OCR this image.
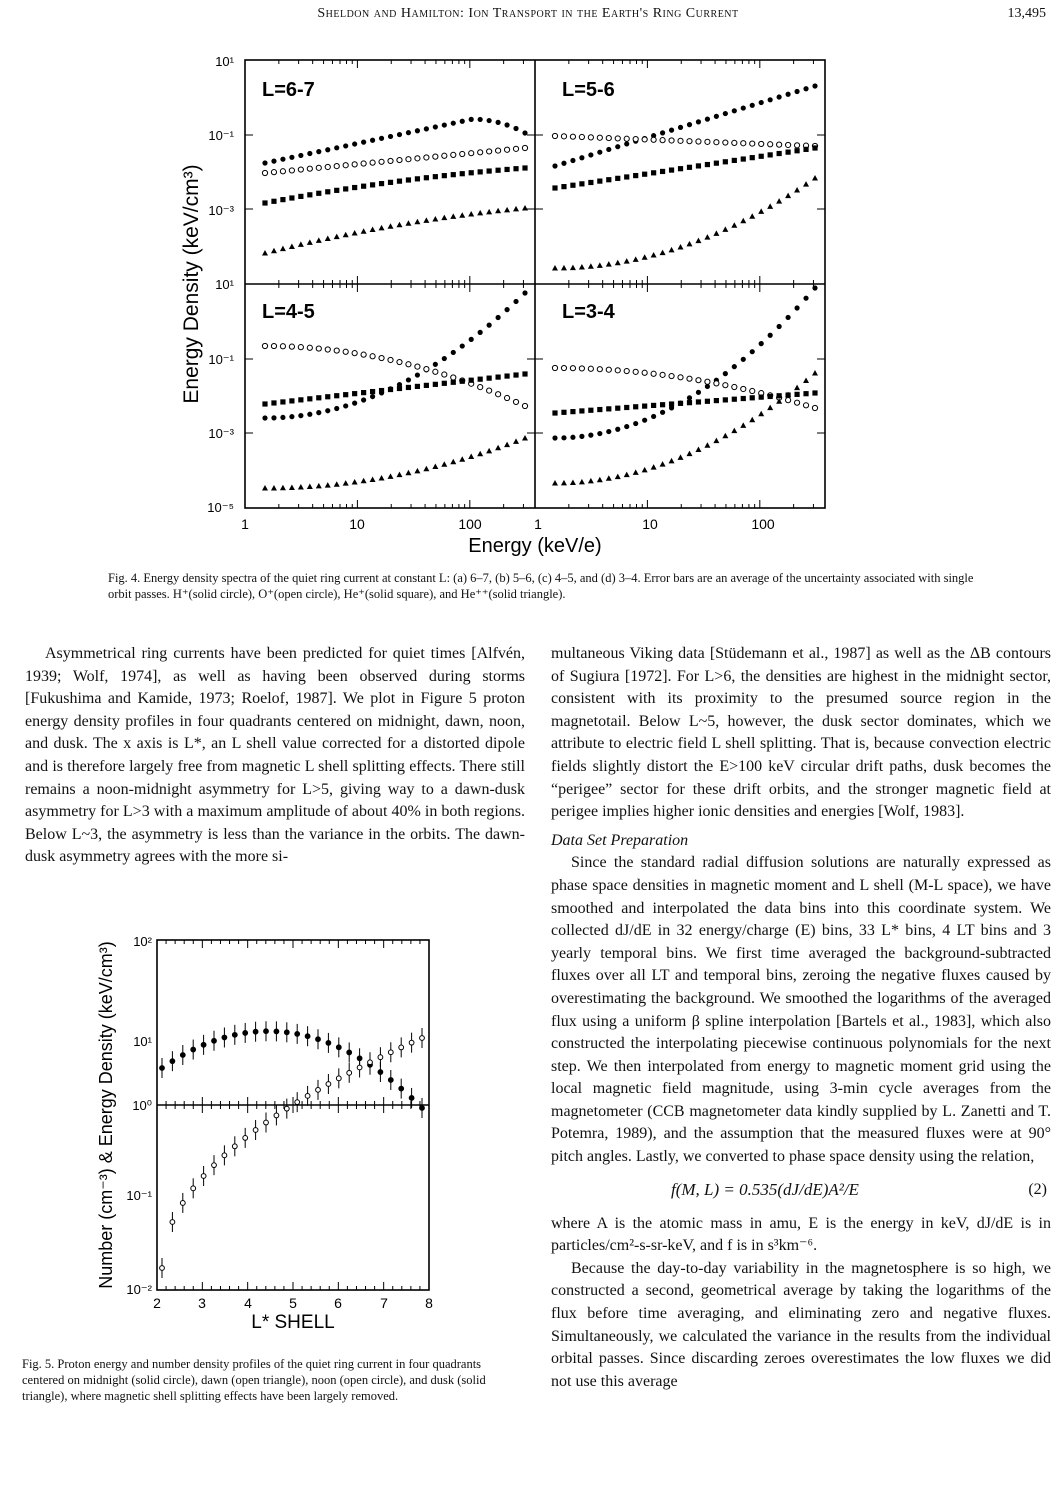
Sheldon and Hamilton: Ion Transport in the Earth's Ring Current	13,495
Energy Density (keV/cm³)
10¹
10⁻¹
10⁻³
10¹
10⁻¹
10⁻³
10⁻⁵
1	10	100	1	10	100
Energy (keV/e)
L=6-7	L=5-6
L=4-5	L=3-4
Fig. 4. Energy density spectra of the quiet ring current at constant L: (a) 6–7, (b) 5–6, (c) 4–5, and (d) 3–4. Error bars are an average of the uncertainty associated with single orbit passes. H⁺(solid circle), O⁺(open circle), He⁺(solid square), and He⁺⁺(solid triangle).

Asymmetrical ring currents have been predicted for quiet times [Alfvén, 1939; Wolf, 1974], as well as having been observed during storms [Fukushima and Kamide, 1973; Roelof, 1987]. We plot in Figure 5 proton energy density profiles in four quadrants centered on midnight, dawn, noon, and dusk. The x axis is L*, an L shell value corrected for a distorted dipole and is therefore largely free from magnetic L shell splitting effects. There still remains a noon-midnight asymmetry for L>5, giving way to a dawn-dusk asymmetry for L>3 with a maximum amplitude of about 40% in both regions. Below L~3, the asymmetry is less than the variance in the orbits. The dawn-dusk asymmetry agrees with the more si-

Number (cm⁻³) & Energy Density (keV/cm³) 10²
10¹
10⁰
10⁻¹
10⁻²
2	3	4	5	6	7	8
L* SHELL
Fig. 5. Proton energy and number density profiles of the quiet ring current in four quadrants centered on midnight (solid circle), dawn (open triangle), noon (open circle), and dusk (solid triangle), where magnetic shell splitting effects have been largely removed.

multaneous Viking data [Stüdemann et al., 1987] as well as the ΔB contours of Sugiura [1972]. For L>6, the densities are highest in the midnight sector, consistent with its proximity to the presumed source region in the magnetotail. Below L~5, however, the dusk sector dominates, which we attribute to electric field L shell splitting. That is, because convection electric fields slightly distort the E>100 keV circular drift paths, dusk becomes the “perigee” sector for these drift orbits, and the stronger magnetic field at perigee implies higher ionic densities and energies [Wolf, 1983].

Data Set Preparation

Since the standard radial diffusion solutions are naturally expressed as phase space densities in magnetic moment and L shell (M-L space), we have smoothed and interpolated the data bins into this coordinate system. We collected dJ/dE in 32 energy/charge (E) bins, 33 L* bins, 4 LT bins and 3 yearly temporal bins. We first time averaged the background-subtracted fluxes over all LT and temporal bins, zeroing the negative fluxes caused by overestimating the background. We smoothed the logarithms of the averaged flux using a uniform β spline interpolation [Bartels et al., 1983], which also constructed the interpolating piecewise continuous polynomials for the next step. We then interpolated from energy to magnetic moment grid using the local magnetic field magnitude, using 3-min cycle averages from the magnetometer (CCB magnetometer data kindly supplied by L. Zanetti and T. Potemra, 1989), and the assumption that the measured fluxes were at 90° pitch angles. Lastly, we converted to phase space density using the relation,

f(M, L) = 0.535(dJ/dE)A²/E	(2)

where A is the atomic mass in amu, E is the energy in keV, dJ/dE is in particles/cm²-s-sr-keV, and f is in s³km⁻⁶.

Because the day-to-day variability in the magnetosphere is so high, we constructed a second, geometrical average by taking the logarithms of the flux before time averaging, and eliminating zero and negative fluxes. Simultaneously, we calculated the variance in the results from the individual orbital passes. Since discarding zeroes overestimates the low fluxes we did not use this average
